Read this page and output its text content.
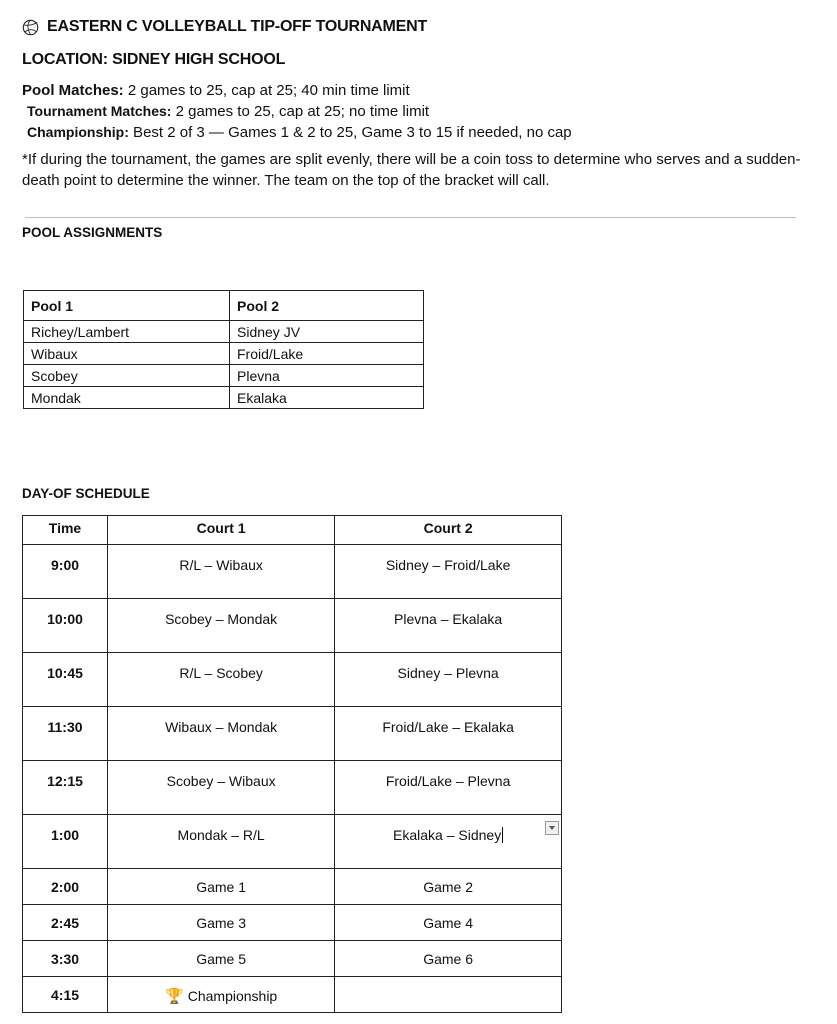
EASTERN C VOLLEYBALL TIP-OFF TOURNAMENT
LOCATION: SIDNEY HIGH SCHOOL
Pool Matches: 2 games to 25, cap at 25; 40 min time limit
Tournament Matches: 2 games to 25, cap at 25; no time limit
Championship: Best 2 of 3 — Games 1 & 2 to 25, Game 3 to 15 if needed, no cap
*If during the tournament, the games are split evenly, there will be a coin toss to determine who serves and a sudden-death point to determine the winner. The team on the top of the bracket will call.
POOL ASSIGNMENTS
Pool 1	Pool 2
Richey/Lambert	Sidney JV
Wibaux	Froid/Lake
Scobey	Plevna
Mondak	Ekalaka
DAY-OF SCHEDULE
Time	Court 1	Court 2
9:00	R/L – Wibaux	Sidney – Froid/Lake
10:00	Scobey – Mondak	Plevna – Ekalaka
10:45	R/L – Scobey	Sidney – Plevna
11:30	Wibaux – Mondak	Froid/Lake – Ekalaka
12:15	Scobey – Wibaux	Froid/Lake – Plevna
1:00	Mondak – R/L	Ekalaka – Sidney

2:00	Game 1	Game 2
2:45	Game 3	Game 4
3:30	Game 5	Game 6
4:15	🏆 Championship	
